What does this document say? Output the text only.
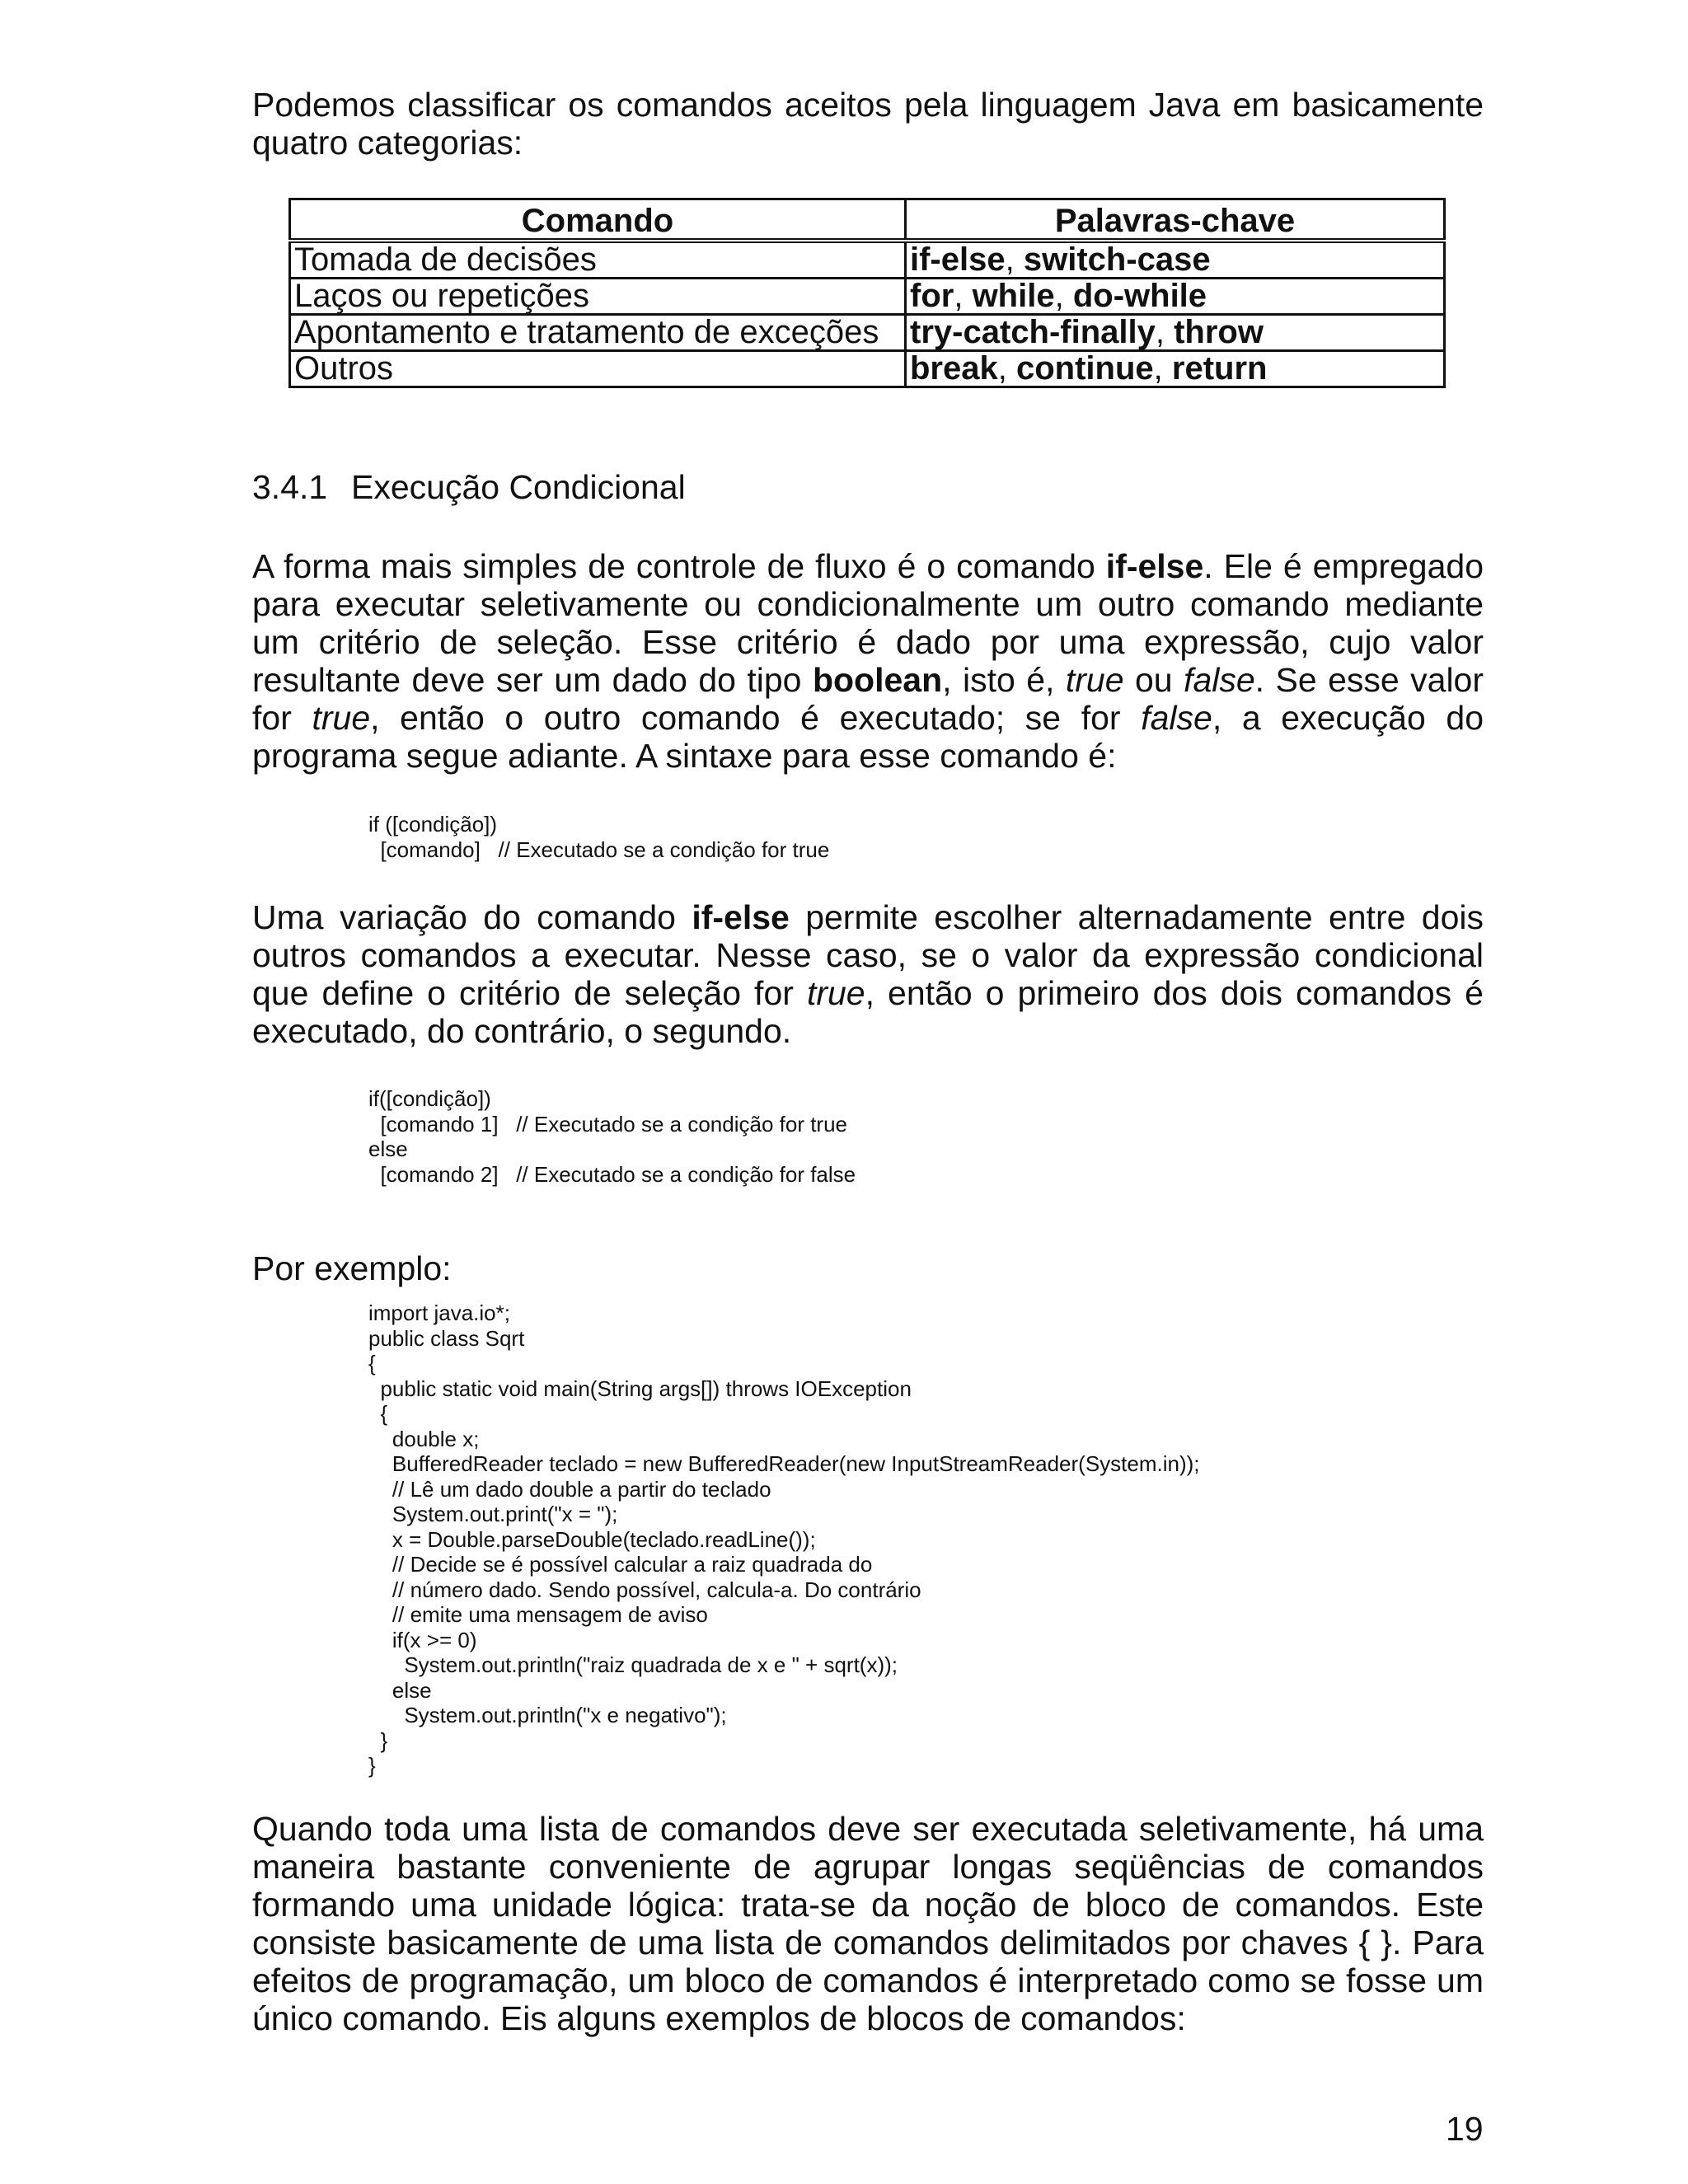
Podemos classificar os comandos aceitos pela linguagem Java em basicamente quatro categorias:

Comando	Palavras-chave
Tomada de decisões	if-else, switch-case
Laços ou repetições	for, while, do-while
Apontamento e tratamento de exceções	try-catch-finally, throw
Outros	break, continue, return
3.4.1 Execução Condicional

A forma mais simples de controle de fluxo é o comando if-else. Ele é empregado para executar seletivamente ou condicionalmente um outro comando mediante um critério de seleção. Esse critério é dado por uma expressão, cujo valor resultante deve ser um dado do tipo boolean, isto é, true ou false. Se esse valor for true, então o outro comando é executado; se for false, a execução do programa segue adiante. A sintaxe para esse comando é:

if ([condição])
[comando]   // Executado se a condição for true

Uma variação do comando if-else permite escolher alternadamente entre dois outros comandos a executar. Nesse caso, se o valor da expressão condicional que define o critério de seleção for true, então o primeiro dos dois comandos é executado, do contrário, o segundo.

if([condição])
[comando 1]   // Executado se a condição for true
else
[comando 2]   // Executado se a condição for false

Por exemplo:

import java.io*;
public class Sqrt
{
public static void main(String args[]) throws IOException
{
double x;
BufferedReader teclado = new BufferedReader(new InputStreamReader(System.in));
// Lê um dado double a partir do teclado
System.out.print("x = ");
x = Double.parseDouble(teclado.readLine());
// Decide se é possível calcular a raiz quadrada do
// número dado. Sendo possível, calcula-a. Do contrário
// emite uma mensagem de aviso
if(x >= 0)
System.out.println("raiz quadrada de x e " + sqrt(x));
else
System.out.println("x e negativo");
}
}

Quando toda uma lista de comandos deve ser executada seletivamente, há uma maneira bastante conveniente de agrupar longas seqüências de comandos formando uma unidade lógica: trata-se da noção de bloco de comandos. Este consiste basicamente de uma lista de comandos delimitados por chaves { }. Para efeitos de programação, um bloco de comandos é interpretado como se fosse um único comando. Eis alguns exemplos de blocos de comandos:

19
